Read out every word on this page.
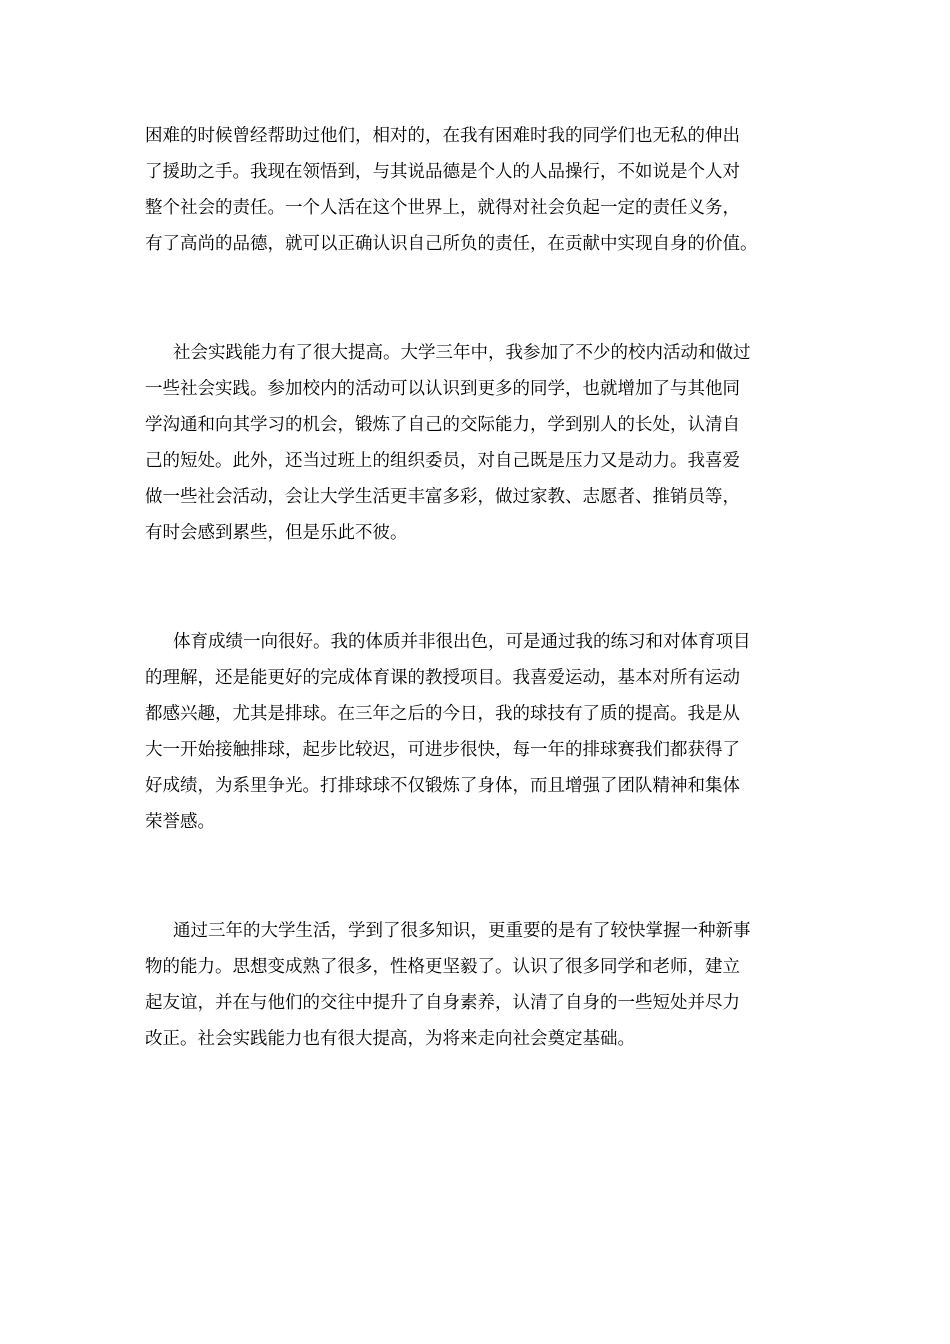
困难的时候曾经帮助过他们，相对的，在我有困难时我的同学们也无私的伸出
了援助之手。我现在领悟到，与其说品德是个人的人品操行，不如说是个人对
整个社会的责任。一个人活在这个世界上，就得对社会负起一定的责任义务，
有了高尚的品德，就可以正确认识自己所负的责任，在贡献中实现自身的价值。
社会实践能力有了很大提高。大学三年中，我参加了不少的校内活动和做过
一些社会实践。参加校内的活动可以认识到更多的同学，也就增加了与其他同
学沟通和向其学习的机会，锻炼了自己的交际能力，学到别人的长处，认清自
己的短处。此外，还当过班上的组织委员，对自己既是压力又是动力。我喜爱
做一些社会活动，会让大学生活更丰富多彩，做过家教、志愿者、推销员等，
有时会感到累些，但是乐此不彼。
体育成绩一向很好。我的体质并非很出色，可是通过我的练习和对体育项目
的理解，还是能更好的完成体育课的教授项目。我喜爱运动，基本对所有运动
都感兴趣，尤其是排球。在三年之后的今日，我的球技有了质的提高。我是从
大一开始接触排球，起步比较迟，可进步很快，每一年的排球赛我们都获得了
好成绩，为系里争光。打排球球不仅锻炼了身体，而且增强了团队精神和集体
荣誉感。
通过三年的大学生活，学到了很多知识，更重要的是有了较快掌握一种新事
物的能力。思想变成熟了很多，性格更坚毅了。认识了很多同学和老师，建立
起友谊，并在与他们的交往中提升了自身素养，认清了自身的一些短处并尽力
改正。社会实践能力也有很大提高，为将来走向社会奠定基础。
